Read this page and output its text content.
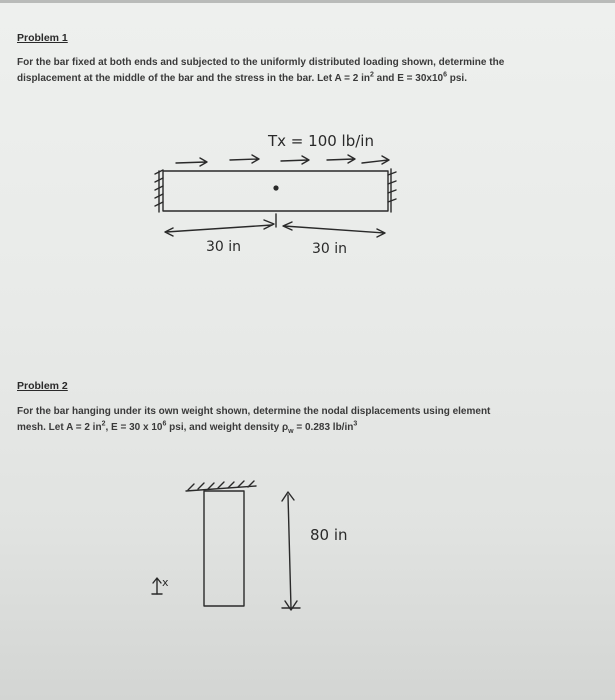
Problem 1

For the bar fixed at both ends and subjected to the uniformly distributed loading shown, determine the
displacement at the middle of the bar and the stress in the bar. Let A = 2 $in^2$ and $E = 30x10^6$ psi.

Problem 2

For the bar hanging under its own weight shown, determine the nodal displacements using element
mesh. Let A = 2 $in^2$, E = 30 x $10^6$ psi, and weight density $\rho_w = 0.283$ $lb/in^3$

Tx = 100 lb/in
30 in	30 in
80 in
x
